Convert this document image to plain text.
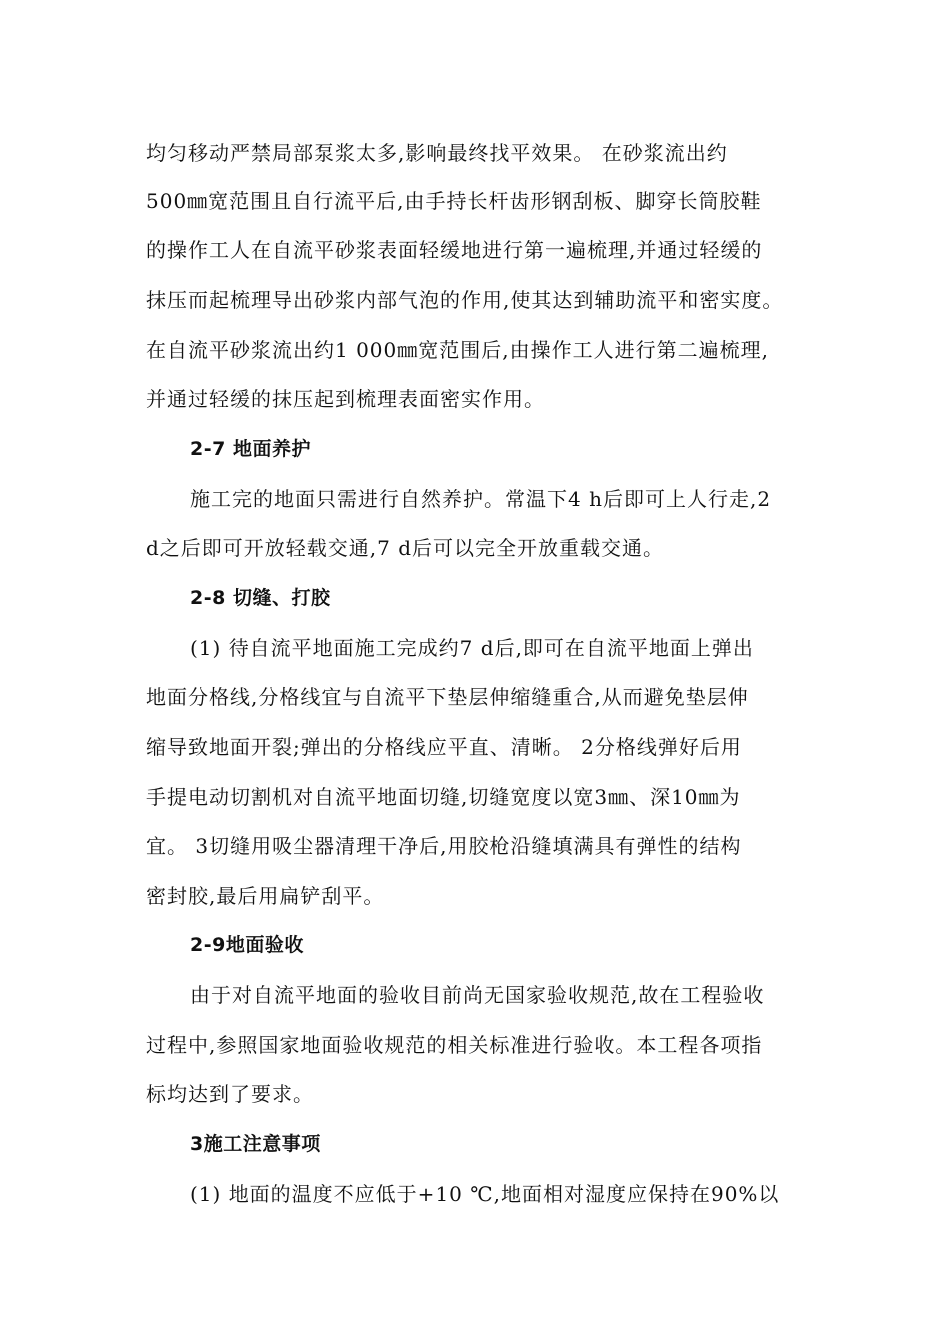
均匀移动严禁局部泵浆太多,影响最终找平效果。 在砂浆流出约
500㎜宽范围且自行流平后,由手持长杆齿形钢刮板、脚穿长筒胶鞋
的操作工人在自流平砂浆表面轻缓地进行第一遍梳理,并通过轻缓的
抹压而起梳理导出砂浆内部气泡的作用,使其达到辅助流平和密实度。
在自流平砂浆流出约1 000㎜宽范围后,由操作工人进行第二遍梳理,
并通过轻缓的抹压起到梳理表面密实作用。
2-7 地面养护
施工完的地面只需进行自然养护。常温下4 h后即可上人行走,2
d之后即可开放轻载交通,7 d后可以完全开放重载交通。
2-8 切缝、打胶
(1) 待自流平地面施工完成约7 d后,即可在自流平地面上弹出
地面分格线,分格线宜与自流平下垫层伸缩缝重合,从而避免垫层伸
缩导致地面开裂;弹出的分格线应平直、清晰。 2分格线弹好后用
手提电动切割机对自流平地面切缝,切缝宽度以宽3㎜、深10㎜为
宜。 3切缝用吸尘器清理干净后,用胶枪沿缝填满具有弹性的结构
密封胶,最后用扁铲刮平。
2-9地面验收
由于对自流平地面的验收目前尚无国家验收规范,故在工程验收
过程中,参照国家地面验收规范的相关标准进行验收。本工程各项指
标均达到了要求。
3施工注意事项
(1) 地面的温度不应低于+10 ℃,地面相对湿度应保持在90%以
